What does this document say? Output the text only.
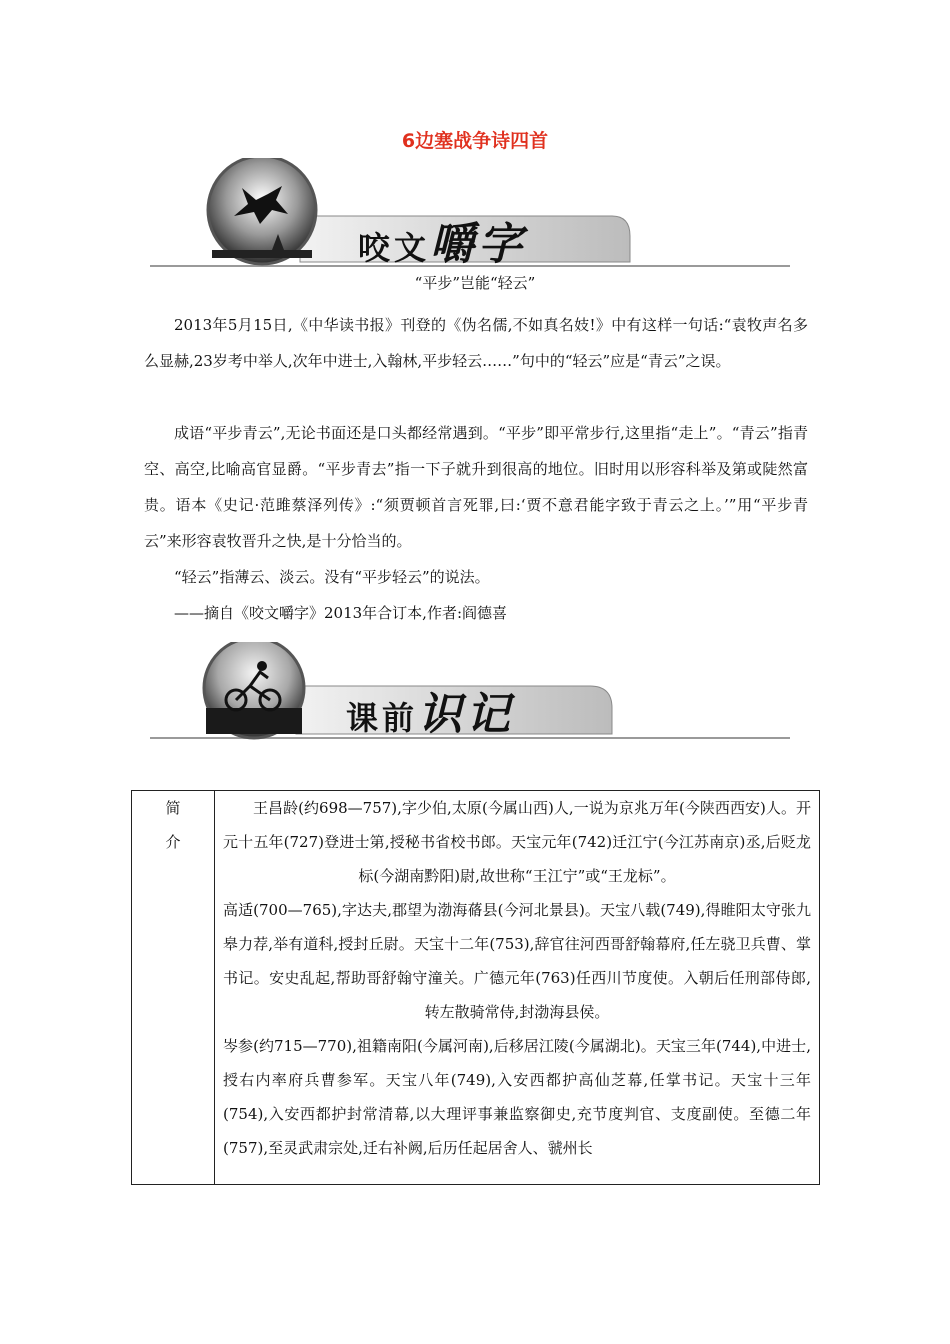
6边塞战争诗四首
咬文嚼字
“平步”岂能“轻云”

2013年5月15日,《中华读书报》刊登的《伪名儒,不如真名妓!》中有这样一句话:“袁牧声名多么显赫,23岁考中举人,次年中进士,入翰林,平步轻云……”句中的“轻云”应是“青云”之误。

成语“平步青云”,无论书面还是口头都经常遇到。“平步”即平常步行,这里指“走上”。“青云”指青空、高空,比喻高官显爵。“平步青去”指一下子就升到很高的地位。旧时用以形容科举及第或陡然富贵。语本《史记·范雎蔡泽列传》:“须贾顿首言死罪,曰:‘贾不意君能字致于青云之上。’”用“平步青云”来形容袁牧晋升之快,是十分恰当的。

“轻云”指薄云、淡云。没有“平步轻云”的说法。

——摘自《咬文嚼字》2013年合订本,作者:阎德喜

课前识记
简
介

王昌龄(约698—757),字少伯,太原(今属山西)人,一说为京兆万年(今陕西西安)人。开元十五年(727)登进士第,授秘书省校书郎。天宝元年(742)迁江宁(今江苏南京)丞,后贬龙标(今湖南黔阳)尉,故世称“王江宁”或“王龙标”。

高适(700—765),字达夫,郡望为渤海蓨县(今河北景县)。天宝八载(749),得睢阳太守张九皋力荐,举有道科,授封丘尉。天宝十二年(753),辞官往河西哥舒翰幕府,任左骁卫兵曹、掌书记。安史乱起,帮助哥舒翰守潼关。广德元年(763)任西川节度使。入朝后任刑部侍郎,转左散骑常侍,封渤海县侯。

岑参(约715—770),祖籍南阳(今属河南),后移居江陵(今属湖北)。天宝三年(744),中进士,授右内率府兵曹参军。天宝八年(749),入安西都护高仙芝幕,任掌书记。天宝十三年(754),入安西都护封常清幕,以大理评事兼监察御史,充节度判官、支度副使。至德二年(757),至灵武肃宗处,迁右补阙,后历任起居舍人、虢州长
